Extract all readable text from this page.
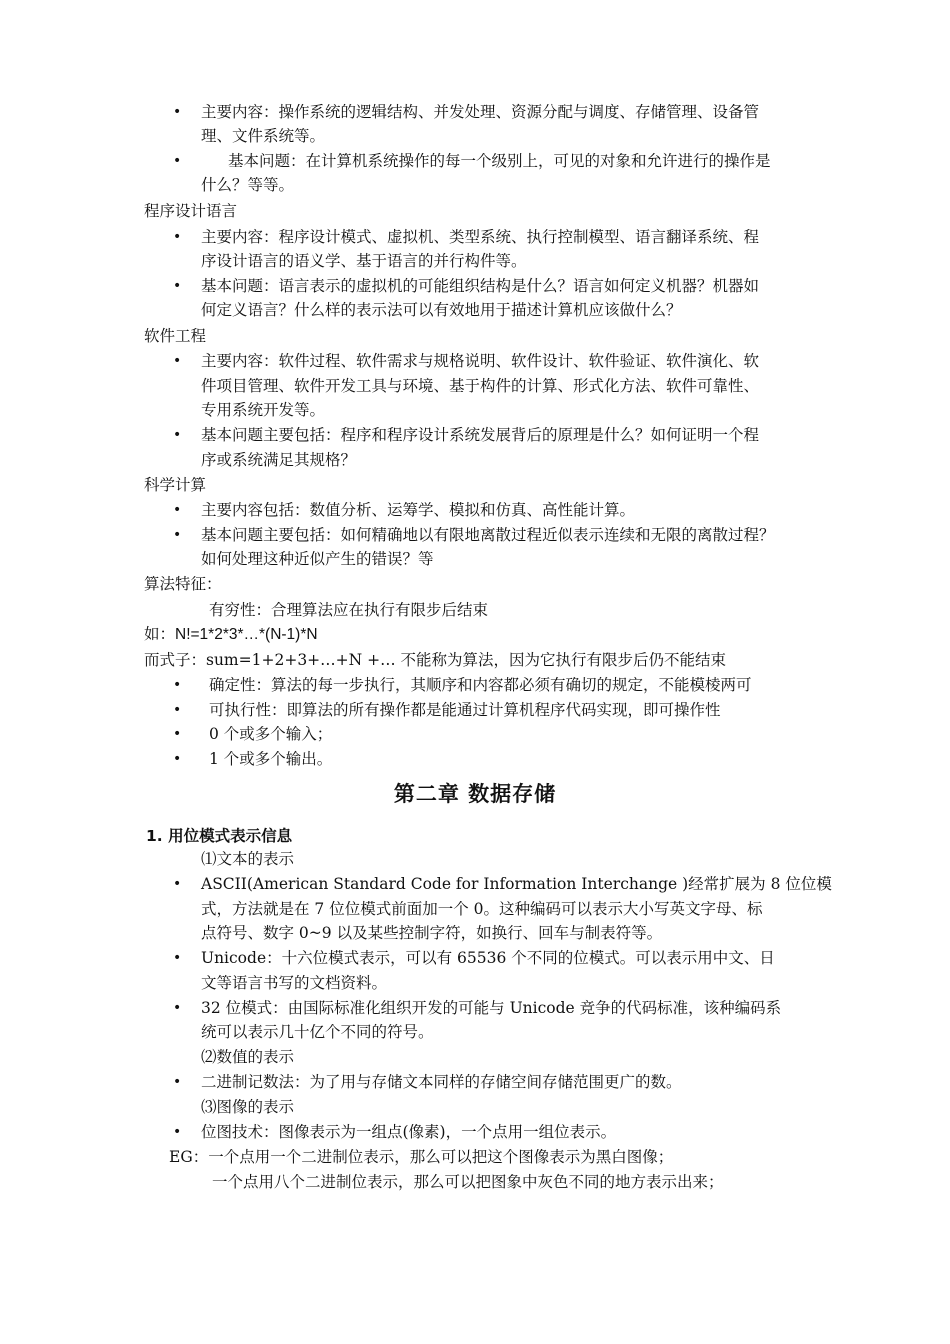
•
•
•
•
•
•
•
•
•
•
•
•
•
•
•
•
•
主要内容：操作系统的逻辑结构、并发处理、资源分配与调度、存储管理、设备管
理、文件系统等。
基本问题：在计算机系统操作的每一个级别上，可见的对象和允许进行的操作是
什么？等等。
程序设计语言
主要内容：程序设计模式、虚拟机、类型系统、执行控制模型、语言翻译系统、程
序设计语言的语义学、基于语言的并行构件等。
基本问题：语言表示的虚拟机的可能组织结构是什么？语言如何定义机器？机器如
何定义语言？什么样的表示法可以有效地用于描述计算机应该做什么？
软件工程
主要内容：软件过程、软件需求与规格说明、软件设计、软件验证、软件演化、软
件项目管理、软件开发工具与环境、基于构件的计算、形式化方法、软件可靠性、
专用系统开发等。
基本问题主要包括：程序和程序设计系统发展背后的原理是什么？如何证明一个程
序或系统满足其规格？
科学计算
主要内容包括：数值分析、运筹学、模拟和仿真、高性能计算。
基本问题主要包括：如何精确地以有限地离散过程近似表示连续和无限的离散过程？
如何处理这种近似产生的错误？等
算法特征：
有穷性：合理算法应在执行有限步后结束
如：N!=1*2*3*…*(N-1)*N
而式子：sum=1+2+3+…+N +… 不能称为算法，因为它执行有限步后仍不能结束
确定性：算法的每一步执行，其顺序和内容都必须有确切的规定，不能模棱两可
可执行性：即算法的所有操作都是能通过计算机程序代码实现，即可操作性
0 个或多个输入；
1 个或多个输出。
第二章 数据存储
1. 用位模式表示信息
⑴文本的表示
ASCII(American Standard Code for Information Interchange )经常扩展为 8 位位模
式，方法就是在 7 位位模式前面加一个 0。这种编码可以表示大小写英文字母、标
点符号、数字 0~9 以及某些控制字符，如换行、回车与制表符等。
Unicode：十六位模式表示，可以有 65536 个不同的位模式。可以表示用中文、日
文等语言书写的文档资料。
32 位模式：由国际标准化组织开发的可能与 Unicode 竞争的代码标准，该种编码系
统可以表示几十亿个不同的符号。
⑵数值的表示
二进制记数法：为了用与存储文本同样的存储空间存储范围更广的数。
⑶图像的表示
位图技术：图像表示为一组点(像素)，一个点用一组位表示。
EG：一个点用一个二进制位表示，那么可以把这个图像表示为黑白图像；
一个点用八个二进制位表示，那么可以把图象中灰色不同的地方表示出来；
